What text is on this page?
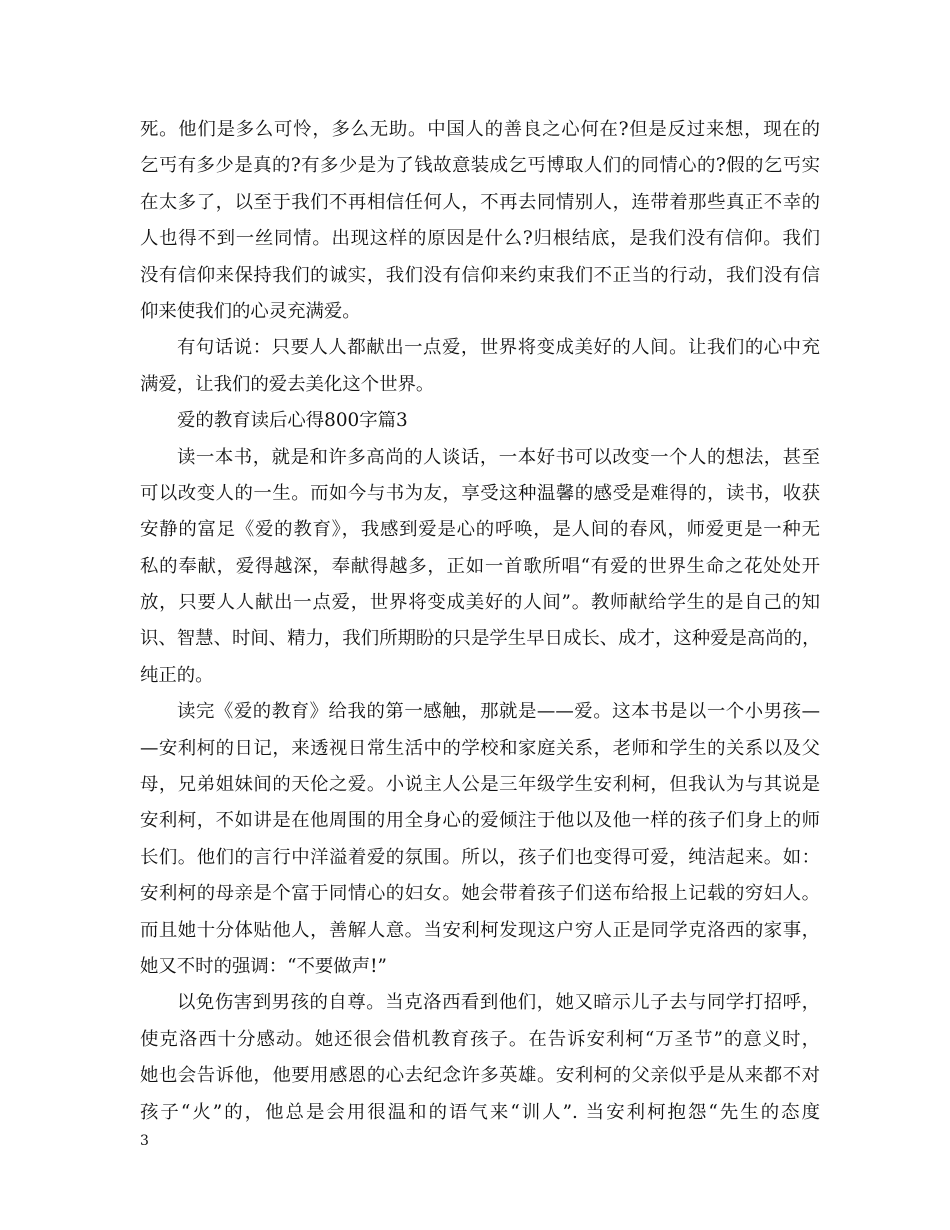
死。他们是多么可怜，多么无助。中国人的善良之心何在?但是反过来想，现在的
乞丐有多少是真的?有多少是为了钱故意装成乞丐博取人们的同情心的?假的乞丐实
在太多了，以至于我们不再相信任何人，不再去同情别人，连带着那些真正不幸的
人也得不到一丝同情。出现这样的原因是什么?归根结底，是我们没有信仰。我们
没有信仰来保持我们的诚实，我们没有信仰来约束我们不正当的行动，我们没有信
仰来使我们的心灵充满爱。
有句话说：只要人人都献出一点爱，世界将变成美好的人间。让我们的心中充
满爱，让我们的爱去美化这个世界。
爱的教育读后心得800字篇3
读一本书，就是和许多高尚的人谈话，一本好书可以改变一个人的想法，甚至
可以改变人的一生。而如今与书为友，享受这种温馨的感受是难得的，读书，收获
安静的富足《爱的教育》，我感到爱是心的呼唤，是人间的春风，师爱更是一种无
私的奉献，爱得越深，奉献得越多，正如一首歌所唱“有爱的世界生命之花处处开
放，只要人人献出一点爱，世界将变成美好的人间”。教师献给学生的是自己的知
识、智慧、时间、精力，我们所期盼的只是学生早日成长、成才，这种爱是高尚的，
纯正的。
读完《爱的教育》给我的第一感触，那就是——爱。这本书是以一个小男孩—
—安利柯的日记，来透视日常生活中的学校和家庭关系，老师和学生的关系以及父
母，兄弟姐妹间的天伦之爱。小说主人公是三年级学生安利柯，但我认为与其说是
安利柯，不如讲是在他周围的用全身心的爱倾注于他以及他一样的孩子们身上的师
长们。他们的言行中洋溢着爱的氛围。所以，孩子们也变得可爱，纯洁起来。如：
安利柯的母亲是个富于同情心的妇女。她会带着孩子们送布给报上记载的穷妇人。
而且她十分体贴他人，善解人意。当安利柯发现这户穷人正是同学克洛西的家事，
她又不时的强调：“不要做声!”
以免伤害到男孩的自尊。当克洛西看到他们，她又暗示儿子去与同学打招呼，
使克洛西十分感动。她还很会借机教育孩子。在告诉安利柯“万圣节”的意义时，
她也会告诉他，他要用感恩的心去纪念许多英雄。安利柯的父亲似乎是从来都不对
孩子“火”的，他总是会用很温和的语气来“训人”. 当安利柯抱怨“先生的态度
3
